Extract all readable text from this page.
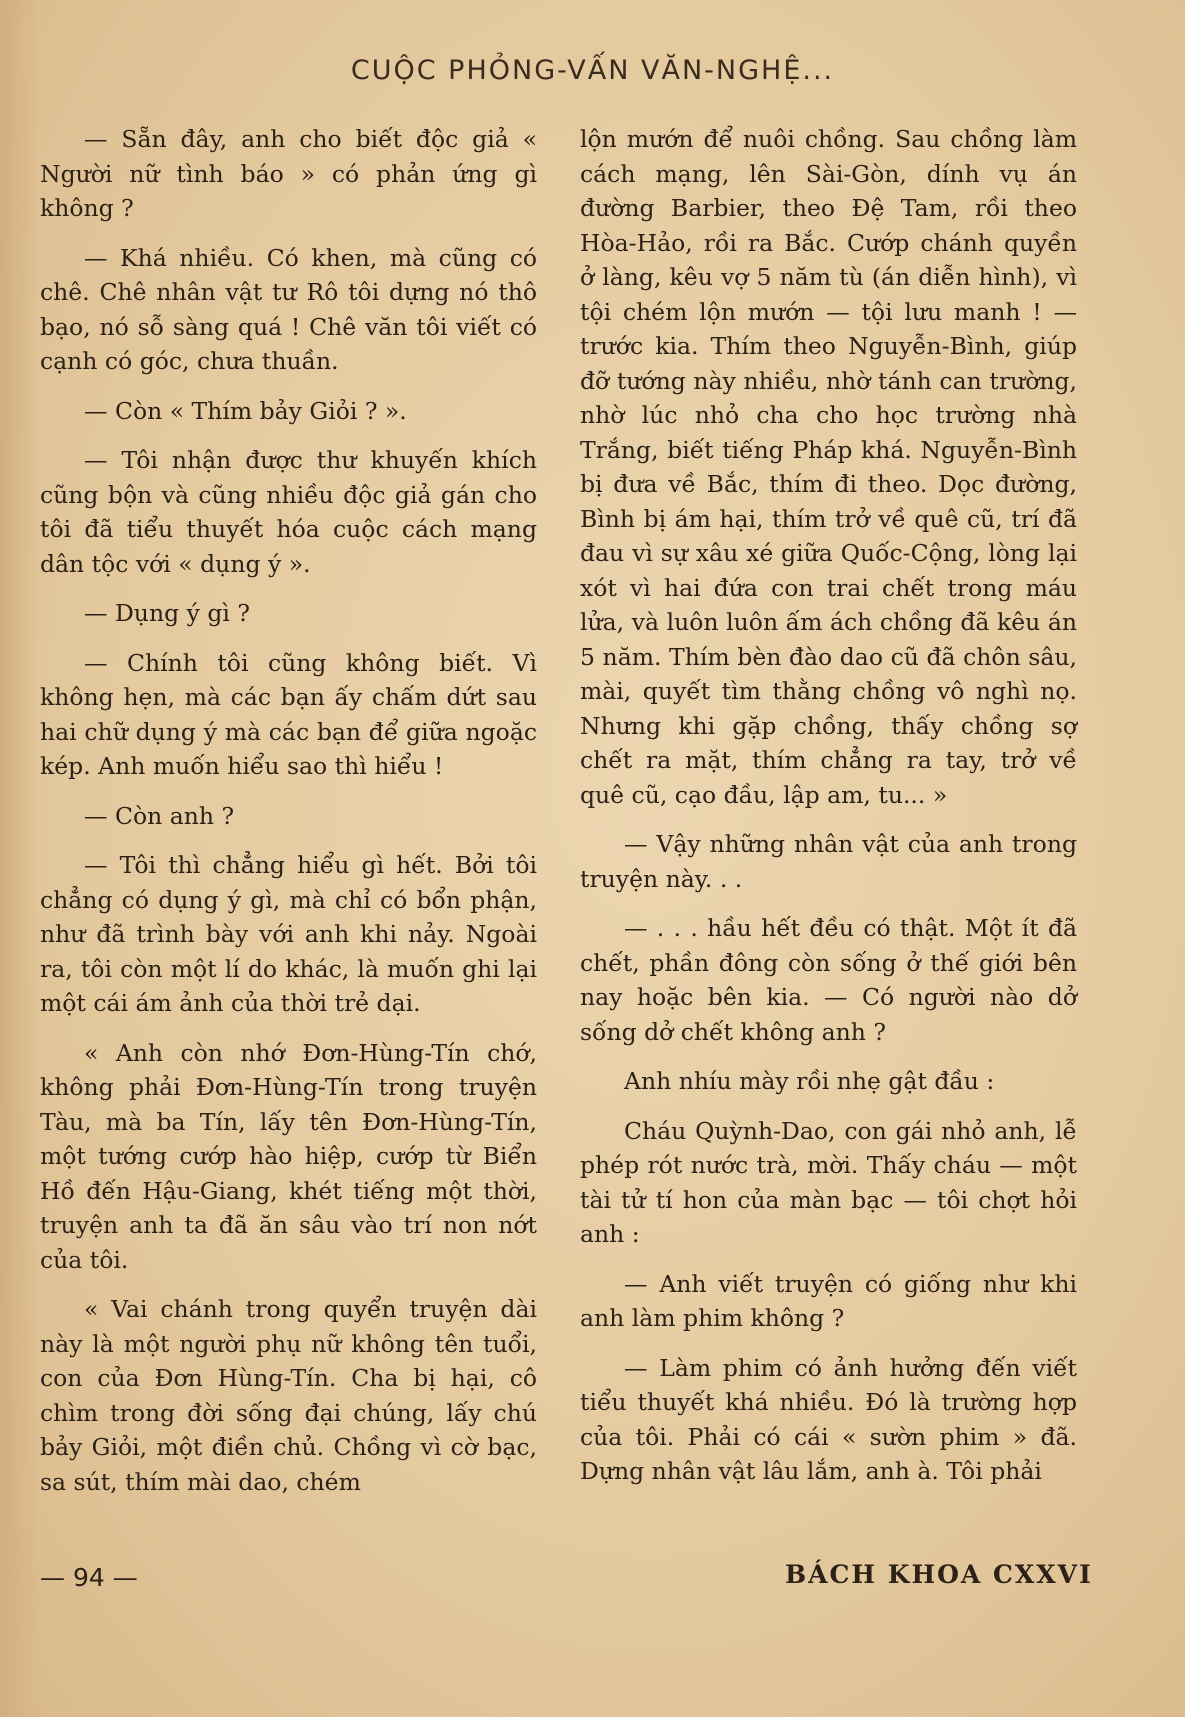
CUỘC PHỎNG-VẤN VĂN-NGHỆ...

— Sẵn đây, anh cho biết độc giả « Người nữ tình báo » có phản ứng gì không ?

— Khá nhiều. Có khen, mà cũng có chê. Chê nhân vật tư Rô tôi dựng nó thô bạo, nó sỗ sàng quá ! Chê văn tôi viết có cạnh có góc, chưa thuần.

— Còn « Thím bảy Giỏi ? ».

— Tôi nhận được thư khuyến khích cũng bộn và cũng nhiều độc giả gán cho tôi đã tiểu thuyết hóa cuộc cách mạng dân tộc với « dụng ý ».

— Dụng ý gì ?

— Chính tôi cũng không biết. Vì không hẹn, mà các bạn ấy chấm dứt sau hai chữ dụng ý mà các bạn để giữa ngoặc kép. Anh muốn hiểu sao thì hiểu !

— Còn anh ?

— Tôi thì chẳng hiểu gì hết. Bởi tôi chẳng có dụng ý gì, mà chỉ có bổn phận, như đã trình bày với anh khi nảy. Ngoài ra, tôi còn một lí do khác, là muốn ghi lại một cái ám ảnh của thời trẻ dại.

« Anh còn nhớ Đơn-Hùng-Tín chớ, không phải Đơn-Hùng-Tín trong truyện Tàu, mà ba Tín, lấy tên Đơn-Hùng-Tín, một tướng cướp hào hiệp, cướp từ Biển Hồ đến Hậu-Giang, khét tiếng một thời, truyện anh ta đã ăn sâu vào trí non nớt của tôi.

« Vai chánh trong quyển truyện dài này là một người phụ nữ không tên tuổi, con của Đơn Hùng-Tín. Cha bị hại, cô chìm trong đời sống đại chúng, lấy chú bảy Giỏi, một điền chủ. Chồng vì cờ bạc, sa sút, thím mài dao, chém

lộn mướn để nuôi chồng. Sau chồng làm cách mạng, lên Sài-Gòn, dính vụ án đường Barbier, theo Đệ Tam, rồi theo Hòa-Hảo, rồi ra Bắc. Cướp chánh quyền ở làng, kêu vợ 5 năm tù (án diễn hình), vì tội chém lộn mướn — tội lưu manh ! — trước kia. Thím theo Nguyễn-Bình, giúp đỡ tướng này nhiều, nhờ tánh can trường, nhờ lúc nhỏ cha cho học trường nhà Trắng, biết tiếng Pháp khá. Nguyễn-Bình bị đưa về Bắc, thím đi theo. Dọc đường, Bình bị ám hại, thím trở về quê cũ, trí đã đau vì sự xâu xé giữa Quốc-Cộng, lòng lại xót vì hai đứa con trai chết trong máu lửa, và luôn luôn ấm ách chồng đã kêu án 5 năm. Thím bèn đào dao cũ đã chôn sâu, mài, quyết tìm thằng chồng vô nghì nọ. Nhưng khi gặp chồng, thấy chồng sợ chết ra mặt, thím chẳng ra tay, trở về quê cũ, cạo đầu, lập am, tu... »

— Vậy những nhân vật của anh trong truyện này. . .

— . . . hầu hết đều có thật. Một ít đã chết, phần đông còn sống ở thế giới bên nay hoặc bên kia. — Có người nào dở sống dở chết không anh ?

Anh nhíu mày rồi nhẹ gật đầu :

Cháu Quỳnh-Dao, con gái nhỏ anh, lễ phép rót nước trà, mời. Thấy cháu — một tài tử tí hon của màn bạc — tôi chợt hỏi anh :

— Anh viết truyện có giống như khi anh làm phim không ?

— Làm phim có ảnh hưởng đến viết tiểu thuyết khá nhiều. Đó là trường hợp của tôi. Phải có cái « sườn phim » đã. Dựng nhân vật lâu lắm, anh à. Tôi phải

— 94 —	BÁCH KHOA CXXVI
